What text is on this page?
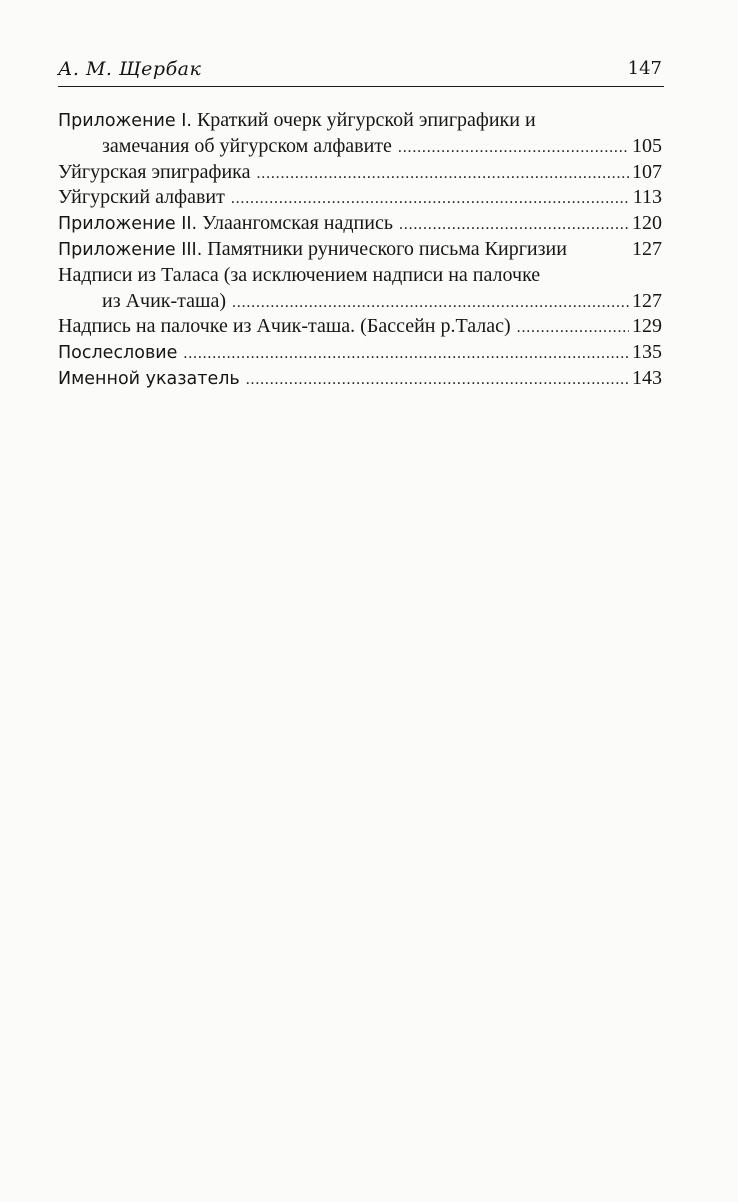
А. М. Щербак	147
Приложение I. Краткий очерк уйгурской эпиграфики и
замечания об уйгурском алфавите . . .	105
Уйгурская эпиграфика . . .	107
Уйгурский алфавит . . .	113
Приложение II. Улаангомская надпись . . .	120
Приложение III. Памятники рунического письма Киргизии	127
Надписи из Таласа (за исключением надписи на палочке
из Ачик-таша) . . .	127
Надпись на палочке из Ачик-таша. (Бассейн р.Талас) . . .	129
Послесловие . . .	135
Именной указатель . . .	143
